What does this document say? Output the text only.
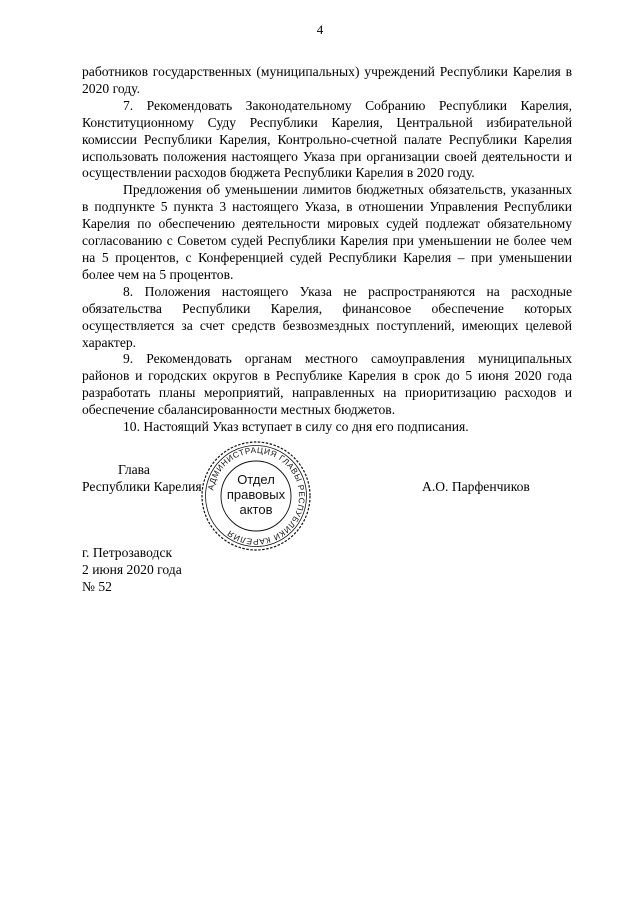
4

работников государственных (муниципальных) учреждений Республики Карелия в 2020 году.

7. Рекомендовать Законодательному Собранию Республики Карелия, Конституционному Суду Республики Карелия, Центральной избирательной комиссии Республики Карелия, Контрольно-счетной палате Республики Карелия использовать положения настоящего Указа при организации своей деятельности и осуществлении расходов бюджета Республики Карелия в 2020 году.

Предложения об уменьшении лимитов бюджетных обязательств, указанных в подпункте 5 пункта 3 настоящего Указа, в отношении Управления Республики Карелия по обеспечению деятельности мировых судей подлежат обязательному согласованию с Советом судей Республики Карелия при уменьшении не более чем на 5 процентов, с Конференцией судей Республики Карелия – при уменьшении более чем на 5 процентов.

8. Положения настоящего Указа не распространяются на расходные обязательства Республики Карелия, финансовое обеспечение которых осуществляется за счет средств безвозмездных поступлений, имеющих целевой характер.

9. Рекомендовать органам местного самоуправления муниципальных районов и городских округов в Республике Карелия в срок до 5 июня 2020 года разработать планы мероприятий, направленных на приоритизацию расходов и обеспечение сбалансированности местных бюджетов.

10. Настоящий Указ вступает в силу со дня его подписания.

Глава
Республики Карелия АДМИНИСТРАЦИЯ ГЛАВЫ РЕСПУБЛИКИ КАРЕЛИЯ
Отдел
правовых
актов
А.О. Парфенчиков
г. Петрозаводск
2 июня 2020 года
№ 52
